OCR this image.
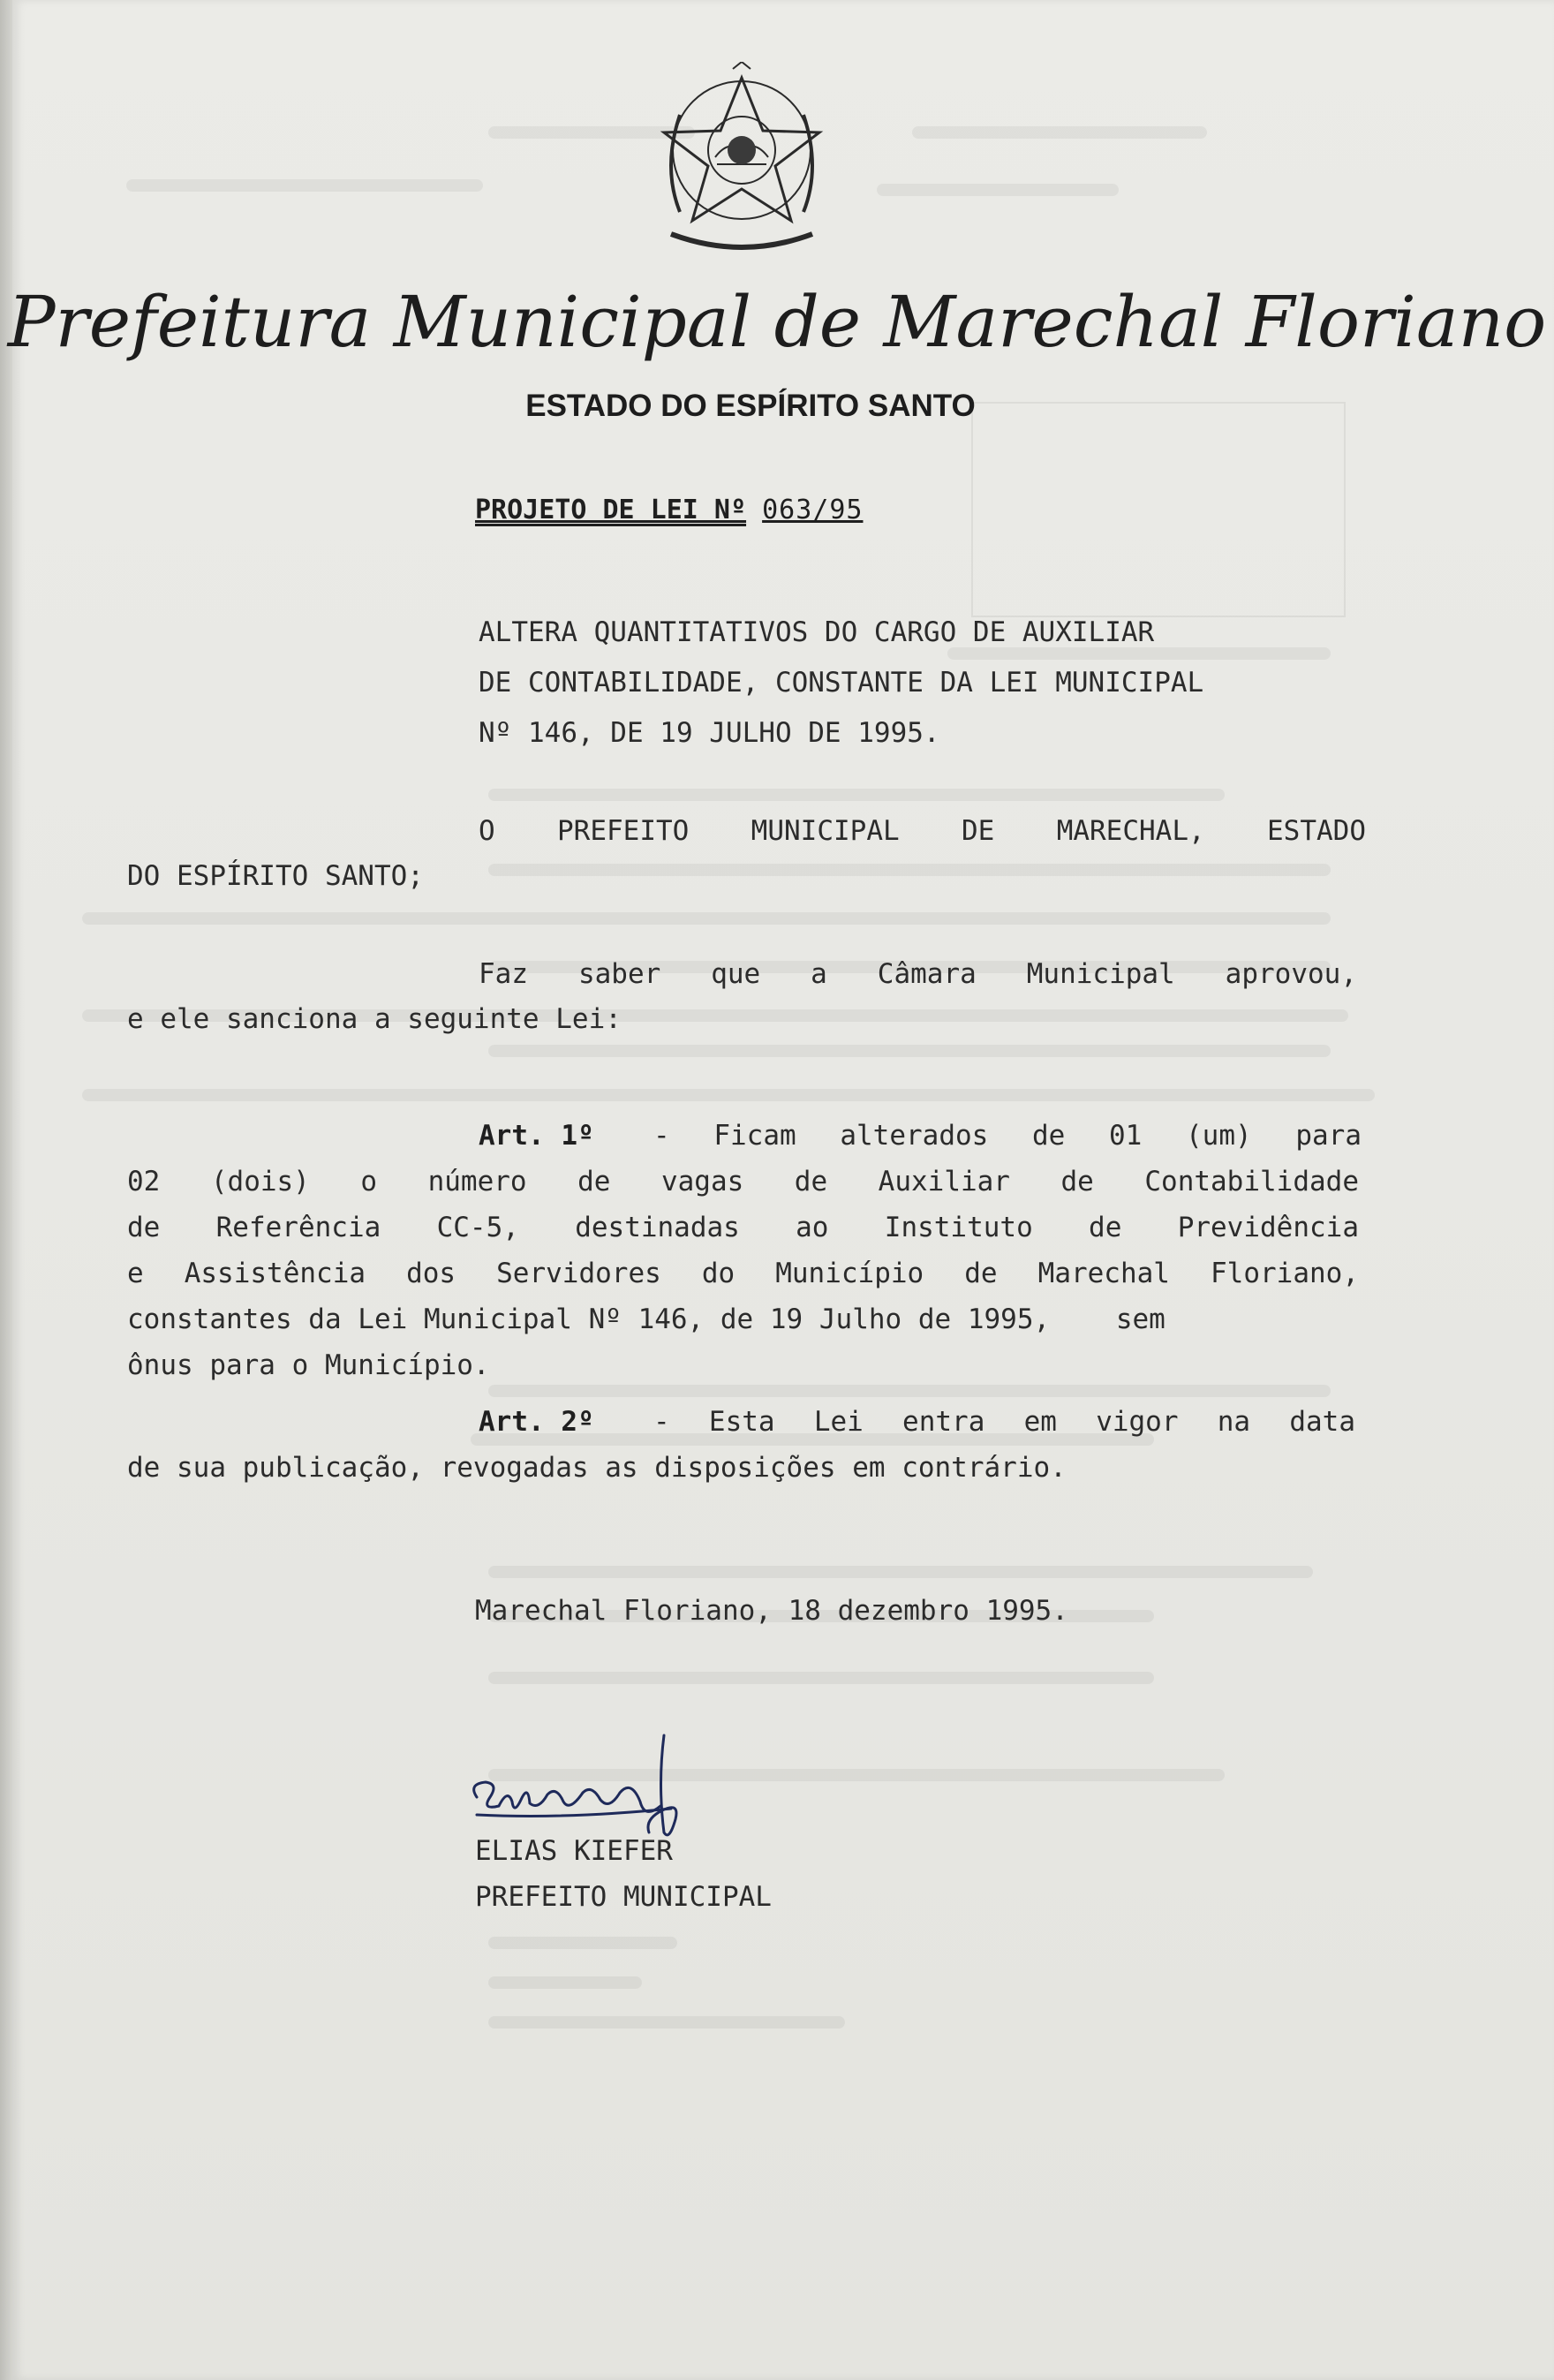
Prefeitura Municipal de Marechal Floriano
ESTADO DO ESPÍRITO SANTO
PROJETO DE LEI Nº 063/95
ALTERA QUANTITATIVOS DO CARGO DE AUXILIAR
DE CONTABILIDADE, CONSTANTE DA LEI MUNICIPAL
Nº 146, DE 19 JULHO DE 1995.
O PREFEITO MUNICIPAL DE MARECHAL, ESTADO
DO ESPÍRITO SANTO;
Faz saber que a Câmara Municipal aprovou,
e ele sanciona a seguinte Lei:
Art. 1º - Ficam alterados de 01 (um) para
02 (dois) o número de vagas de Auxiliar de Contabilidade
de Referência CC-5, destinadas ao Instituto de Previdência
e Assistência dos Servidores do Município de Marechal Floriano,
constantes da Lei Municipal Nº 146, de 19 Julho de 1995,    sem
ônus para o Município.
Art. 2º - Esta Lei entra em vigor na data
de sua publicação, revogadas as disposições em contrário.
Marechal Floriano, 18 dezembro 1995.
ELIAS KIEFER
PREFEITO MUNICIPAL
